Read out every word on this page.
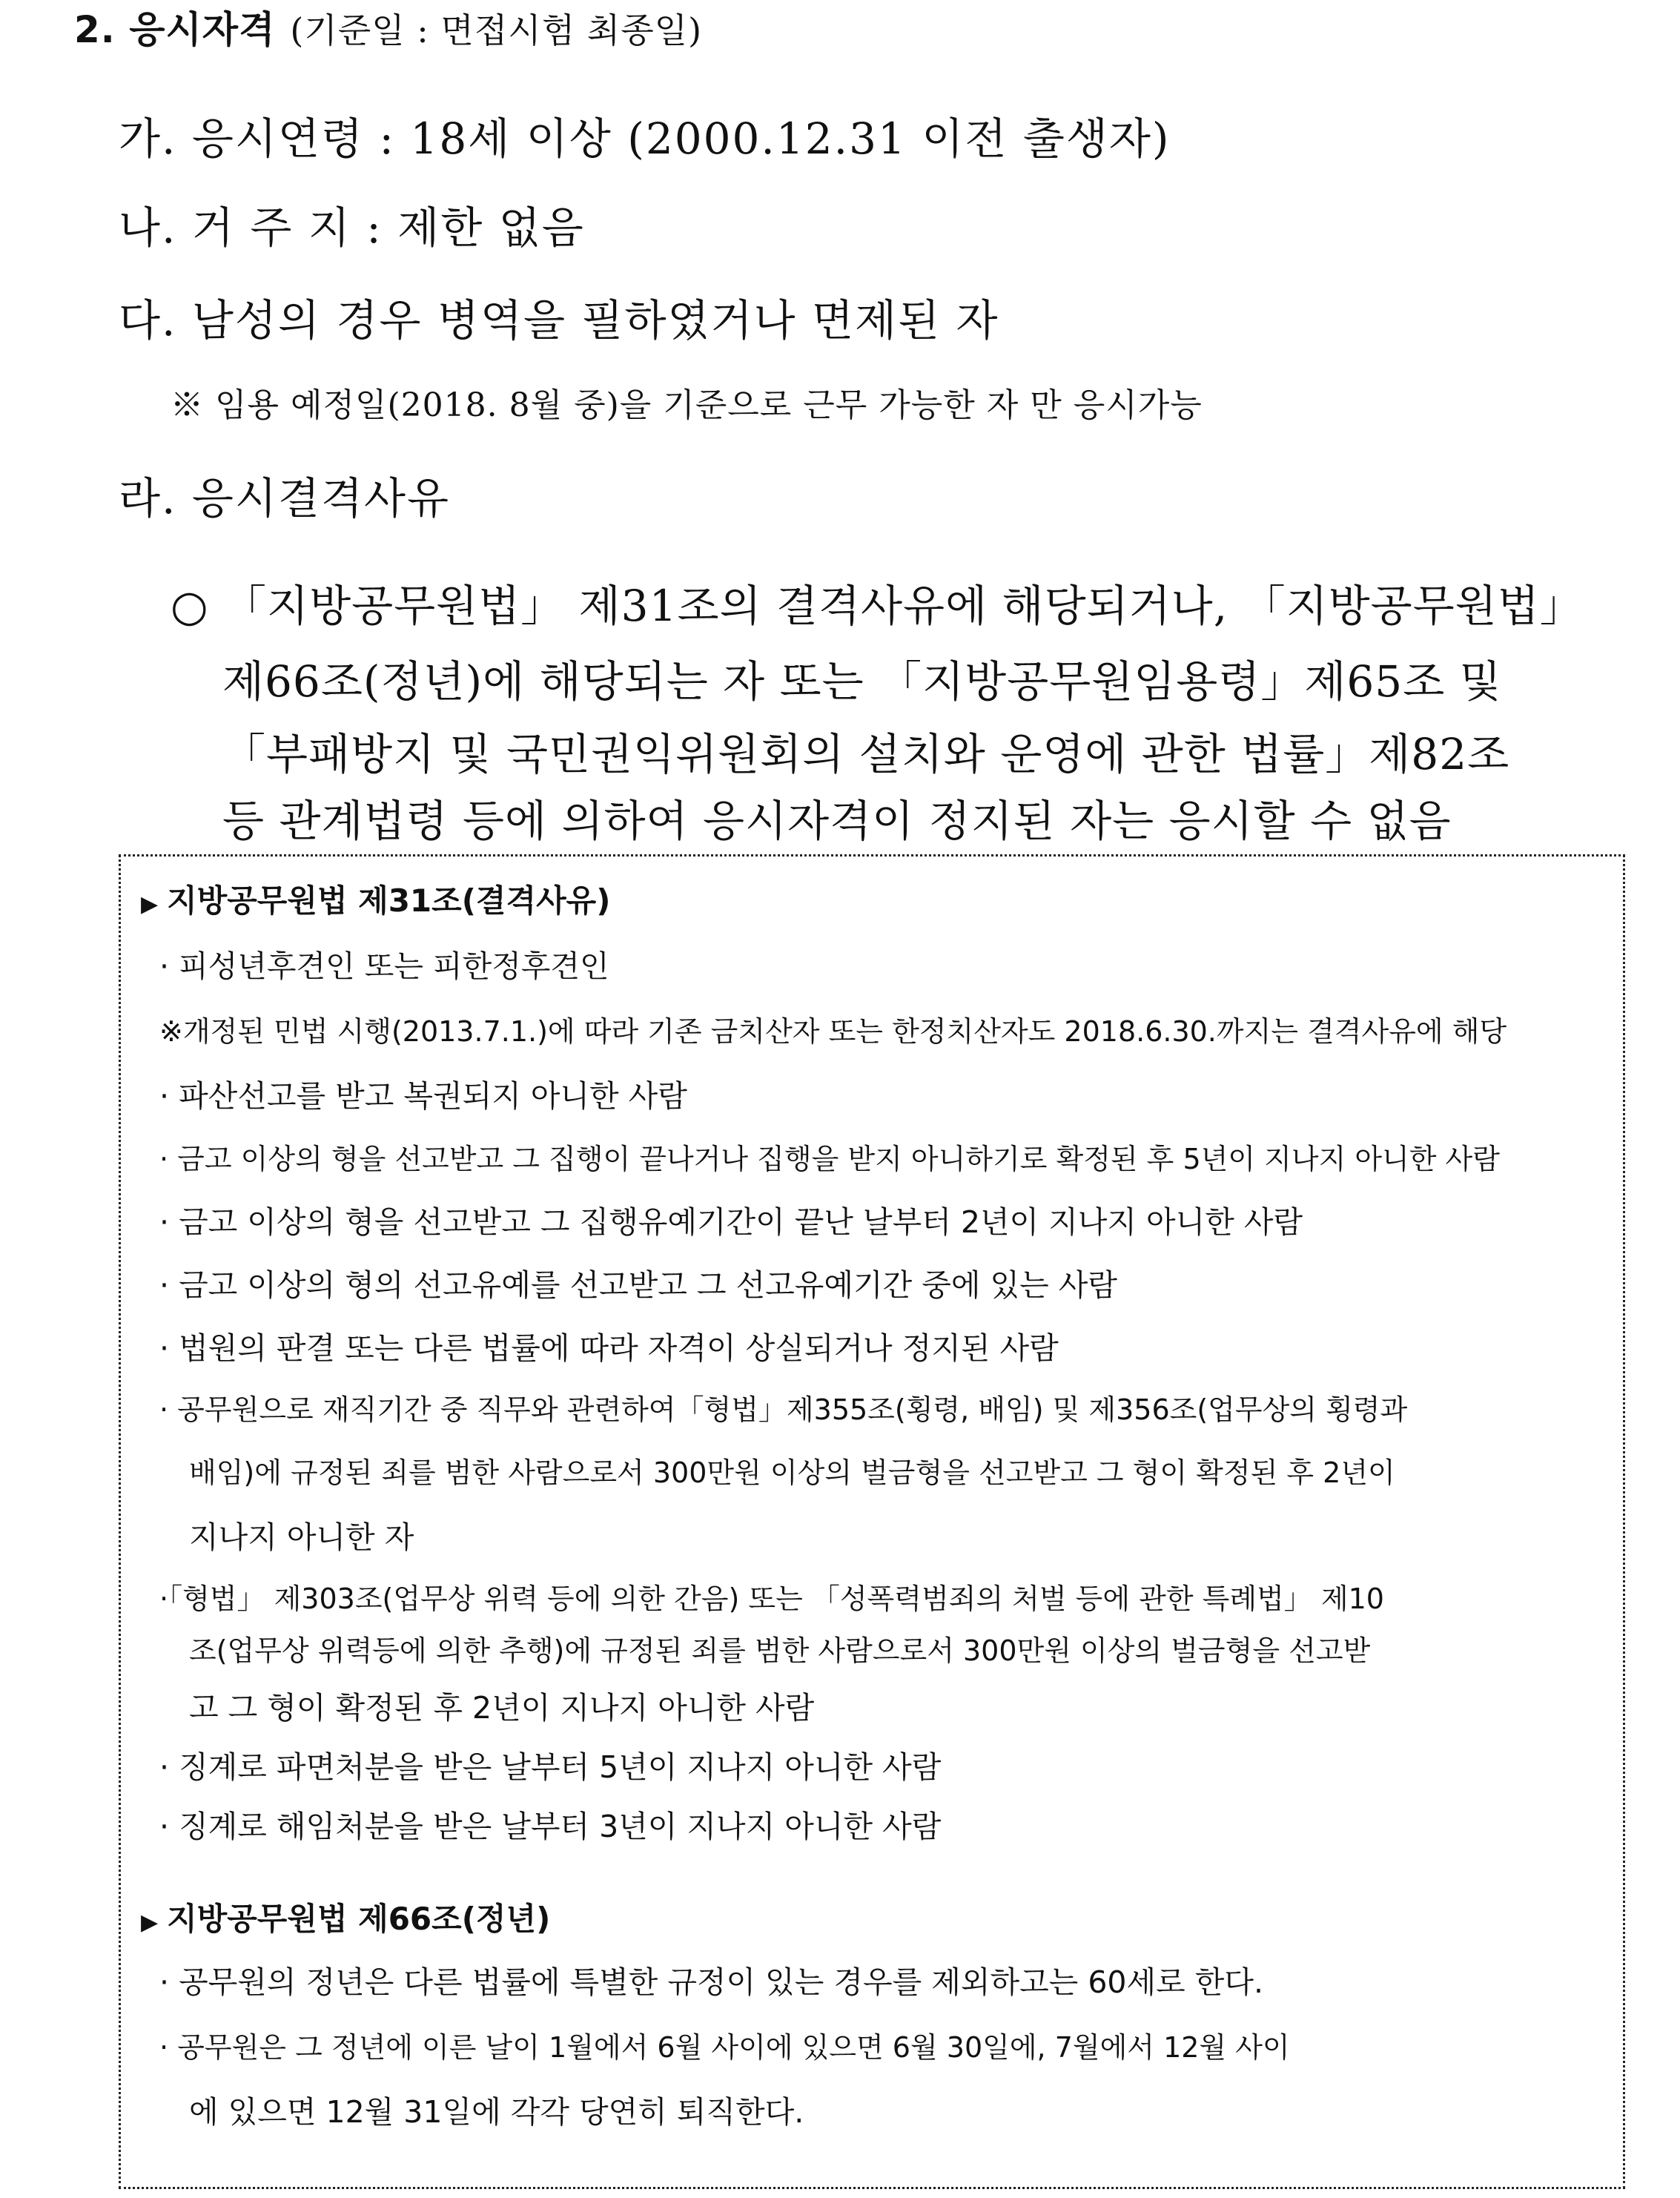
2. 응시자격 (기준일 : 면접시험 최종일)
가. 응시연령 : 18세 이상 (2000.12.31 이전 출생자)
나. 거 주 지 : 제한 없음
다. 남성의 경우 병역을 필하였거나 면제된 자
※ 임용 예정일(2018. 8월 중)을 기준으로 근무 가능한 자 만 응시가능
라. 응시결격사유
○ 「지방공무원법」 제31조의 결격사유에 해당되거나, 「지방공무원법」
제66조(정년)에 해당되는 자 또는 「지방공무원임용령」제65조 및
「부패방지 및 국민권익위원회의 설치와 운영에 관한 법률」제82조
등 관계법령 등에 의하여 응시자격이 정지된 자는 응시할 수 없음
▶ 지방공무원법 제31조(결격사유)
· 피성년후견인 또는 피한정후견인
※개정된 민법 시행(2013.7.1.)에 따라 기존 금치산자 또는 한정치산자도 2018.6.30.까지는 결격사유에 해당
· 파산선고를 받고 복권되지 아니한 사람
· 금고 이상의 형을 선고받고 그 집행이 끝나거나 집행을 받지 아니하기로 확정된 후 5년이 지나지 아니한 사람
· 금고 이상의 형을 선고받고 그 집행유예기간이 끝난 날부터 2년이 지나지 아니한 사람
· 금고 이상의 형의 선고유예를 선고받고 그 선고유예기간 중에 있는 사람
· 법원의 판결 또는 다른 법률에 따라 자격이 상실되거나 정지된 사람
· 공무원으로 재직기간 중 직무와 관련하여「형법」제355조(횡령, 배임) 및 제356조(업무상의 횡령과
배임)에 규정된 죄를 범한 사람으로서 300만원 이상의 벌금형을 선고받고 그 형이 확정된 후 2년이
지나지 아니한 자
·「형법」 제303조(업무상 위력 등에 의한 간음) 또는 「성폭력범죄의 처벌 등에 관한 특례법」 제10
조(업무상 위력등에 의한 추행)에 규정된 죄를 범한 사람으로서 300만원 이상의 벌금형을 선고받
고 그 형이 확정된 후 2년이 지나지 아니한 사람
· 징계로 파면처분을 받은 날부터 5년이 지나지 아니한 사람
· 징계로 해임처분을 받은 날부터 3년이 지나지 아니한 사람
▶ 지방공무원법 제66조(정년)
· 공무원의 정년은 다른 법률에 특별한 규정이 있는 경우를 제외하고는 60세로 한다.
· 공무원은 그 정년에 이른 날이 1월에서 6월 사이에 있으면 6월 30일에, 7월에서 12월 사이
에 있으면 12월 31일에 각각 당연히 퇴직한다.
